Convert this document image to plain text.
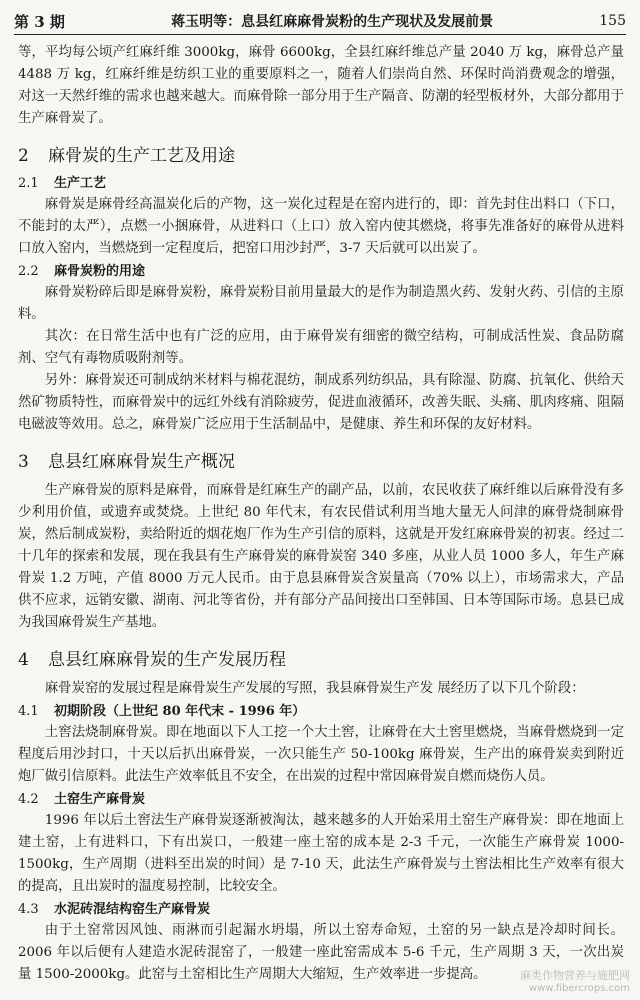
第 3 期	蒋玉明等：息县红麻麻骨炭粉的生产现状及发展前景	155

等，平均每公顷产红麻纤维 3000kg，麻骨 6600kg，全县红麻纤维总产量 2040 万 kg，麻骨总产量 4488 万 kg，红麻纤维是纺织工业的重要原料之一，随着人们崇尚自然、环保时尚消费观念的增强，对这一天然纤维的需求也越来越大。而麻骨除一部分用于生产隔音、防潮的轻型板材外，大部分都用于生产麻骨炭了。

2	麻骨炭的生产工艺及用途
2.1	生产工艺

麻骨炭是麻骨经高温炭化后的产物，这一炭化过程是在窑内进行的，即：首先封住出料口（下口，不能封的太严），点燃一小捆麻骨，从进料口（上口）放入窑内使其燃烧，将事先准备好的麻骨从进料口放入窑内，当燃烧到一定程度后，把窑口用沙封严，3-7 天后就可以出炭了。

2.2	麻骨炭粉的用途

麻骨炭粉碎后即是麻骨炭粉，麻骨炭粉目前用量最大的是作为制造黑火药、发射火药、引信的主原料。

其次：在日常生活中也有广泛的应用，由于麻骨炭有细密的微空结构，可制成活性炭、食品防腐剂、空气有毒物质吸附剂等。

另外：麻骨炭还可制成纳米材料与棉花混纺，制成系列纺织品，具有除湿、防腐、抗氧化、供给天然矿物质特性，而麻骨炭中的远红外线有消除疲劳，促进血液循环，改善失眠、头痛、肌肉疼痛、阻隔电磁波等效用。总之，麻骨炭广泛应用于生活制品中，是健康、养生和环保的友好材料。

3	息县红麻麻骨炭生产概况

生产麻骨炭的原料是麻骨，而麻骨是红麻生产的副产品，以前，农民收获了麻纤维以后麻骨没有多少利用价值，或遗弃或焚烧。上世纪 80 年代末，有农民借试利用当地大量无人问津的麻骨烧制麻骨炭，然后制成炭粉，卖给附近的烟花炮厂作为生产引信的原料，这就是开发红麻麻骨炭的初衷。经过二十几年的探索和发展，现在我县有生产麻骨炭的麻骨炭窑 340 多座，从业人员 1000 多人，年生产麻骨炭 1.2 万吨，产值 8000 万元人民币。由于息县麻骨炭含炭量高（70% 以上），市场需求大，产品供不应求，远销安徽、湖南、河北等省份，并有部分产品间接出口至韩国、日本等国际市场。息县已成为我国麻骨炭生产基地。

4	息县红麻麻骨炭的生产发展历程

麻骨炭窑的发展过程是麻骨炭生产发展的写照，我县麻骨炭生产发 展经历了以下几个阶段：

4.1	初期阶段（上世纪 80 年代末 - 1996 年）

土窖法烧制麻骨炭。即在地面以下人工挖一个大土窖，让麻骨在大土窖里燃烧，当麻骨燃烧到一定程度后用沙封口，十天以后扒出麻骨炭，一次只能生产 50-100kg 麻骨炭，生产出的麻骨炭卖到附近炮厂做引信原料。此法生产效率低且不安全，在出炭的过程中常因麻骨炭自燃而烧伤人员。

4.2	土窑生产麻骨炭

1996 年以后土窖法生产麻骨炭逐渐被淘汰，越来越多的人开始采用土窑生产麻骨炭：即在地面上建土窑，上有进料口，下有出炭口，一般建一座土窑的成本是 2-3 千元，一次能生产麻骨炭 1000-1500kg，生产周期（进料至出炭的时间）是 7-10 天，此法生产麻骨炭与土窖法相比生产效率有很大的提高，且出炭时的温度易控制，比较安全。

4.3	水泥砖混结构窑生产麻骨炭

由于土窑常因风蚀、雨淋而引起漏水坍塌，所以土窑寿命短，土窑的另一缺点是冷却时间长。2006 年以后便有人建造水泥砖混窑了，一般建一座此窑需成本 5-6 千元，生产周期 3 天，一次出炭量 1500-2000kg。此窑与土窑相比生产周期大大缩短，生产效率进一步提高。	麻类作物营养与施肥网
www.fibercrops.com
